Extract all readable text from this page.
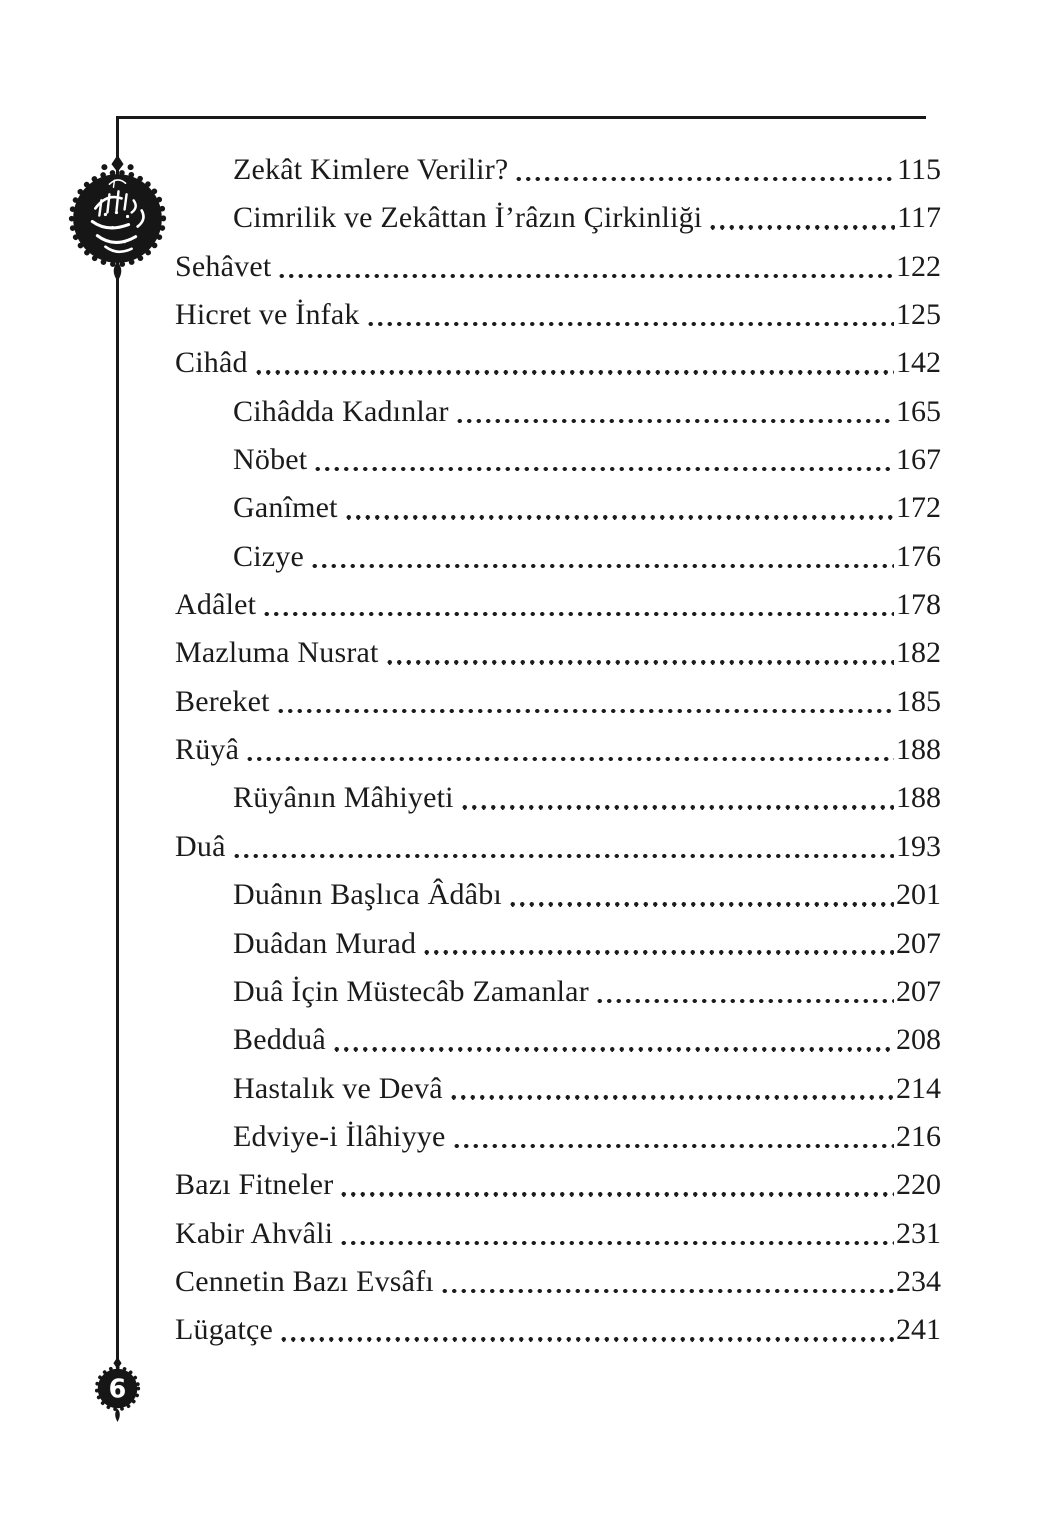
Zekât Kimlere Verilir?	115
Cimrilik ve Zekâttan İ’râzın Çirkinliği	117
Sehâvet	122
Hicret ve İnfak	125
Cihâd	142
Cihâdda Kadınlar	165
Nöbet	167
Ganîmet	172
Cizye	176
Adâlet	178
Mazluma Nusrat	182
Bereket	185
Rüyâ	188
Rüyânın Mâhiyeti	188
Duâ	193
Duânın Başlıca Âdâbı	201
Duâdan Murad	207
Duâ İçin Müstecâb Zamanlar	207
Bedduâ	208
Hastalık ve Devâ	214
Edviye-i İlâhiyye	216
Bazı Fitneler	220
Kabir Ahvâli	231
Cennetin Bazı Evsâfı	234
Lügatçe	241
6
